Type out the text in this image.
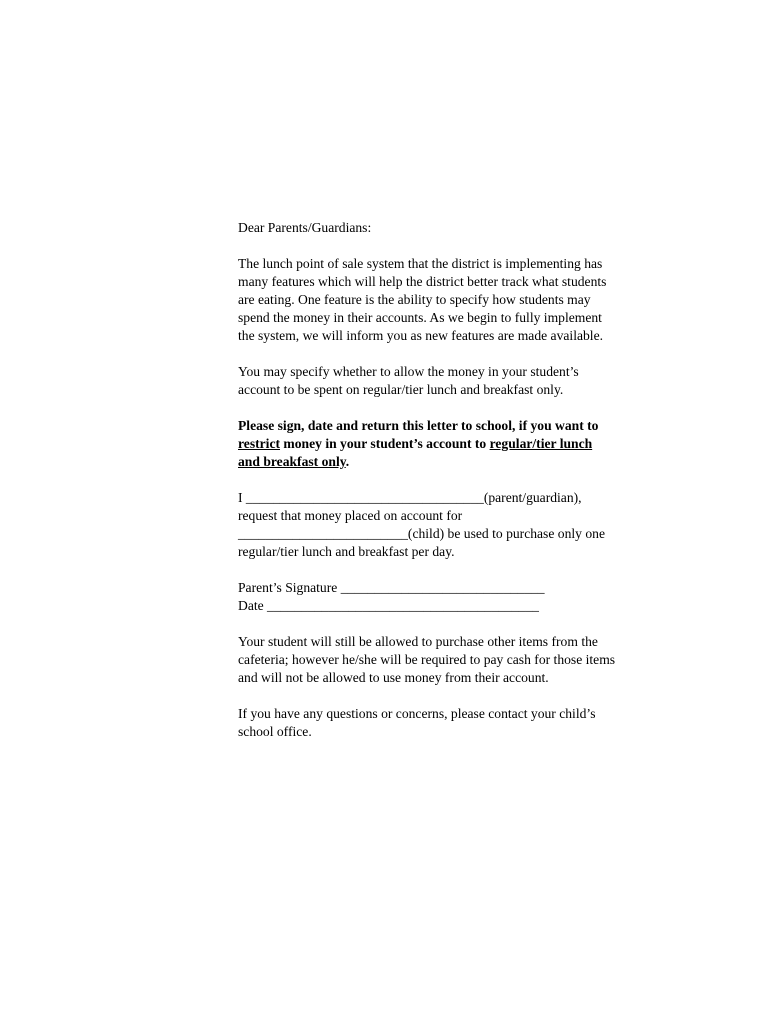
Dear Parents/Guardians:

The lunch point of sale system that the district is implementing has
many features which will help the district better track what students
are eating. One feature is the ability to specify how students may
spend the money in their accounts. As we begin to fully implement
the system, we will inform you as new features are made available.

You may specify whether to allow the money in your student’s
account to be spent on regular/tier lunch and breakfast only.

Please sign, date and return this letter to school, if you want to
restrict money in your student’s account to regular/tier lunch
and breakfast only.

I ___________________________________(parent/guardian),
request that money placed on account for
_________________________(child) be used to purchase only one
regular/tier lunch and breakfast per day.

Parent’s Signature ______________________________
Date ________________________________________

Your student will still be allowed to purchase other items from the
cafeteria; however he/she will be required to pay cash for those items
and will not be allowed to use money from their account.

If you have any questions or concerns, please contact your child’s
school office.
